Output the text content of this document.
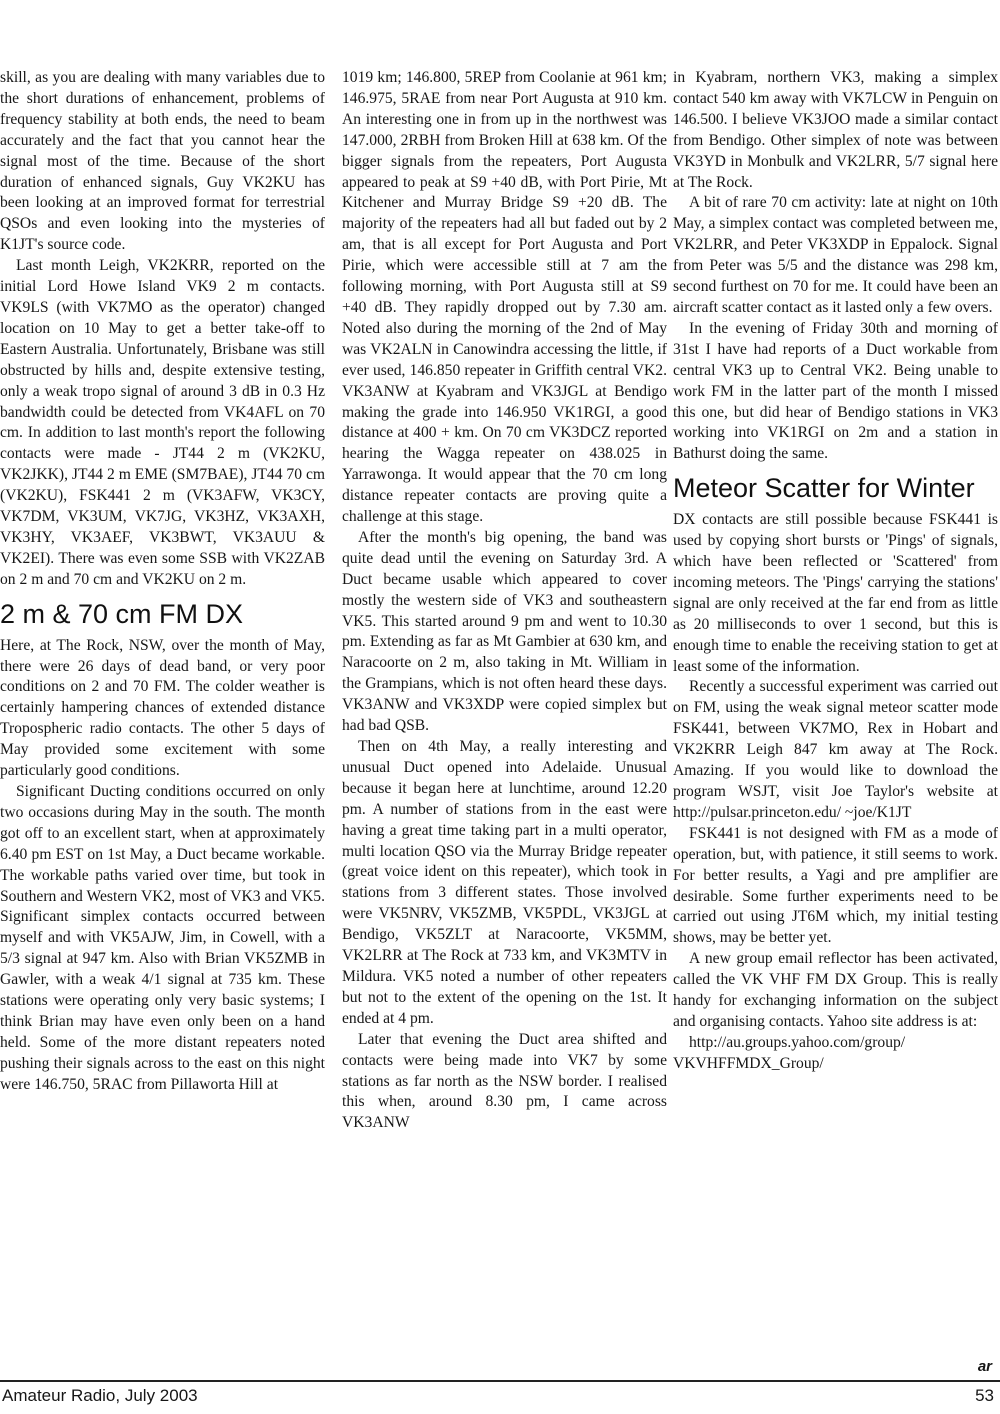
skill, as you are dealing with many variables due to the short durations of enhancement, problems of frequency stability at both ends, the need to beam accurately and the fact that you cannot hear the signal most of the time. Because of the short duration of enhanced signals, Guy VK2KU has been looking at an improved format for terrestrial QSOs and even looking into the mysteries of K1JT's source code.

Last month Leigh, VK2KRR, reported on the initial Lord Howe Island VK9 2 m contacts. VK9LS (with VK7MO as the operator) changed location on 10 May to get a better take-off to Eastern Australia. Unfortunately, Brisbane was still obstructed by hills and, despite extensive testing, only a weak tropo signal of around 3 dB in 0.3 Hz bandwidth could be detected from VK4AFL on 70 cm. In addition to last month's report the following contacts were made - JT44 2 m (VK2KU, VK2JKK), JT44 2 m EME (SM7BAE), JT44 70 cm (VK2KU), FSK441 2 m (VK3AFW, VK3CY, VK7DM, VK3UM, VK7JG, VK3HZ, VK3AXH, VK3HY, VK3AEF, VK3BWT, VK3AUU & VK2EI). There was even some SSB with VK2ZAB on 2 m and 70 cm and VK2KU on 2 m.

2 m & 70 cm FM DX

Here, at The Rock, NSW, over the month of May, there were 26 days of dead band, or very poor conditions on 2 and 70 FM. The colder weather is certainly hampering chances of extended distance Tropospheric radio contacts. The other 5 days of May provided some excitement with some particularly good conditions.

Significant Ducting conditions occurred on only two occasions during May in the south. The month got off to an excellent start, when at approximately 6.40 pm EST on 1st May, a Duct became workable. The workable paths varied over time, but took in Southern and Western VK2, most of VK3 and VK5. Significant simplex contacts occurred between myself and with VK5AJW, Jim, in Cowell, with a 5/3 signal at 947 km. Also with Brian VK5ZMB in Gawler, with a weak 4/1 signal at 735 km. These stations were operating only very basic systems; I think Brian may have even only been on a hand held. Some of the more distant repeaters noted pushing their signals across to the east on this night were 146.750, 5RAC from Pillaworta Hill at

1019 km; 146.800, 5REP from Coolanie at 961 km; 146.975, 5RAE from near Port Augusta at 910 km. An interesting one in from up in the northwest was 147.000, 2RBH from Broken Hill at 638 km. Of the bigger signals from the repeaters, Port Augusta appeared to peak at S9 +40 dB, with Port Pirie, Mt Kitchener and Murray Bridge S9 +20 dB. The majority of the repeaters had all but faded out by 2 am, that is all except for Port Augusta and Port Pirie, which were accessible still at 7 am the following morning, with Port Augusta still at S9 +40 dB. They rapidly dropped out by 7.30 am. Noted also during the morning of the 2nd of May was VK2ALN in Canowindra accessing the little, if ever used, 146.850 repeater in Griffith central VK2. VK3ANW at Kyabram and VK3JGL at Bendigo making the grade into 146.950 VK1RGI, a good distance at 400 + km. On 70 cm VK3DCZ reported hearing the Wagga repeater on 438.025 in Yarrawonga. It would appear that the 70 cm long distance repeater contacts are proving quite a challenge at this stage.

After the month's big opening, the band was quite dead until the evening on Saturday 3rd. A Duct became usable which appeared to cover mostly the western side of VK3 and southeastern VK5. This started around 9 pm and went to 10.30 pm. Extending as far as Mt Gambier at 630 km, and Naracoorte on 2 m, also taking in Mt. William in the Grampians, which is not often heard these days. VK3ANW and VK3XDP were copied simplex but had bad QSB.

Then on 4th May, a really interesting and unusual Duct opened into Adelaide. Unusual because it began here at lunchtime, around 12.20 pm. A number of stations from in the east were having a great time taking part in a multi operator, multi location QSO via the Murray Bridge repeater (great voice ident on this repeater), which took in stations from 3 different states. Those involved were VK5NRV, VK5ZMB, VK5PDL, VK3JGL at Bendigo, VK5ZLT at Naracoorte, VK5MM, VK2LRR at The Rock at 733 km, and VK3MTV in Mildura. VK5 noted a number of other repeaters but not to the extent of the opening on the 1st. It ended at 4 pm.

Later that evening the Duct area shifted and contacts were being made into VK7 by some stations as far north as the NSW border. I realised this when, around 8.30 pm, I came across VK3ANW

in Kyabram, northern VK3, making a simplex contact 540 km away with VK7LCW in Penguin on 146.500. I believe VK3JOO made a similar contact from Bendigo. Other simplex of note was between VK3YD in Monbulk and VK2LRR, 5/7 signal here at The Rock.

A bit of rare 70 cm activity: late at night on 10th May, a simplex contact was completed between me, VK2LRR, and Peter VK3XDP in Eppalock. Signal from Peter was 5/5 and the distance was 298 km, second furthest on 70 for me. It could have been an aircraft scatter contact as it lasted only a few overs.

In the evening of Friday 30th and morning of 31st I have had reports of a Duct workable from central VK3 up to Central VK2. Being unable to work FM in the latter part of the month I missed this one, but did hear of Bendigo stations in VK3 working into VK1RGI on 2m and a station in Bathurst doing the same.

Meteor Scatter for Winter

DX contacts are still possible because FSK441 is used by copying short bursts or 'Pings' of signals, which have been reflected or 'Scattered' from incoming meteors. The 'Pings' carrying the stations' signal are only received at the far end from as little as 20 milliseconds to over 1 second, but this is enough time to enable the receiving station to get at least some of the information.

Recently a successful experiment was carried out on FM, using the weak signal meteor scatter mode FSK441, between VK7MO, Rex in Hobart and VK2KRR Leigh 847 km away at The Rock. Amazing. If you would like to download the program WSJT, visit Joe Taylor's website at http://pulsar.princeton.edu/ ~joe/K1JT

FSK441 is not designed with FM as a mode of operation, but, with patience, it still seems to work. For better results, a Yagi and pre amplifier are desirable. Some further experiments need to be carried out using JT6M which, my initial testing shows, may be better yet.

A new group email reflector has been activated, called the VK VHF FM DX Group. This is really handy for exchanging information on the subject and organising contacts. Yahoo site address is at:

http://au.groups.yahoo.com/group/ VKVHFFMDX_Group/

ar
Amateur Radio, July 2003	53
